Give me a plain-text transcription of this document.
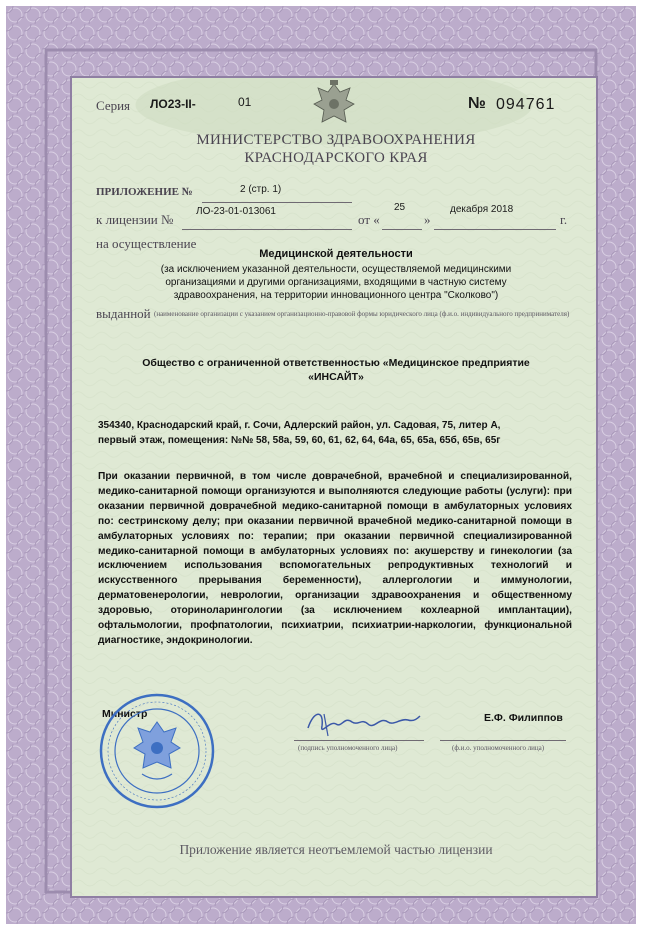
Серия ЛО23-II-	01	№ 094761
МИНИСТЕРСТВО ЗДРАВООХРАНЕНИЯ
КРАСНОДАРСКОГО КРАЯ
ПРИЛОЖЕНИЕ №	2 (стр. 1)
к лицензии №
ЛО-23-01-013061
от «
25
»
декабря 2018
г.
на осуществление
Медицинской деятельности
(за исключением указанной деятельности, осуществляемой медицинскими организациями и другими организациями, входящими в частную систему здравоохранения, на территории инновационного центра "Сколково")
выданной (наименование организации с указанием организационно-правовой формы юридического лица (ф.и.о. индивидуального предпринимателя)
Общество с ограниченной ответственностью «Медицинское предприятие «ИНСАЙТ»
354340, Краснодарский край, г. Сочи, Адлерский район, ул. Садовая, 75, литер А,
первый этаж, помещения: №№ 58, 58а, 59, 60, 61, 62, 64, 64а, 65, 65а, 65б, 65в, 65г
При оказании первичной, в том числе доврачебной, врачебной и специализированной, медико-санитарной помощи организуются и выполняются следующие работы (услуги): при оказании первичной доврачебной медико-санитарной помощи в амбулаторных условиях по: сестринскому делу; при оказании первичной врачебной медико-санитарной помощи в амбулаторных условиях по: терапии; при оказании первичной специализированной медико-санитарной помощи в амбулаторных условиях по: акушерству и гинекологии (за исключением использования вспомогательных репродуктивных технологий и искусственного прерывания беременности), аллергологии и иммунологии, дерматовенерологии, неврологии, организации здравоохранения и общественному здоровью, оториноларингологии (за исключением кохлеарной имплантации), офтальмологии, профпатологии, психиатрии, психиатрии-наркологии, функциональной диагностике, эндокринологии.
Министр
(подпись уполномоченного лица)
Е.Ф. Филиппов
(ф.и.о. уполномоченного лица)
Приложение является неотъемлемой частью лицензии
